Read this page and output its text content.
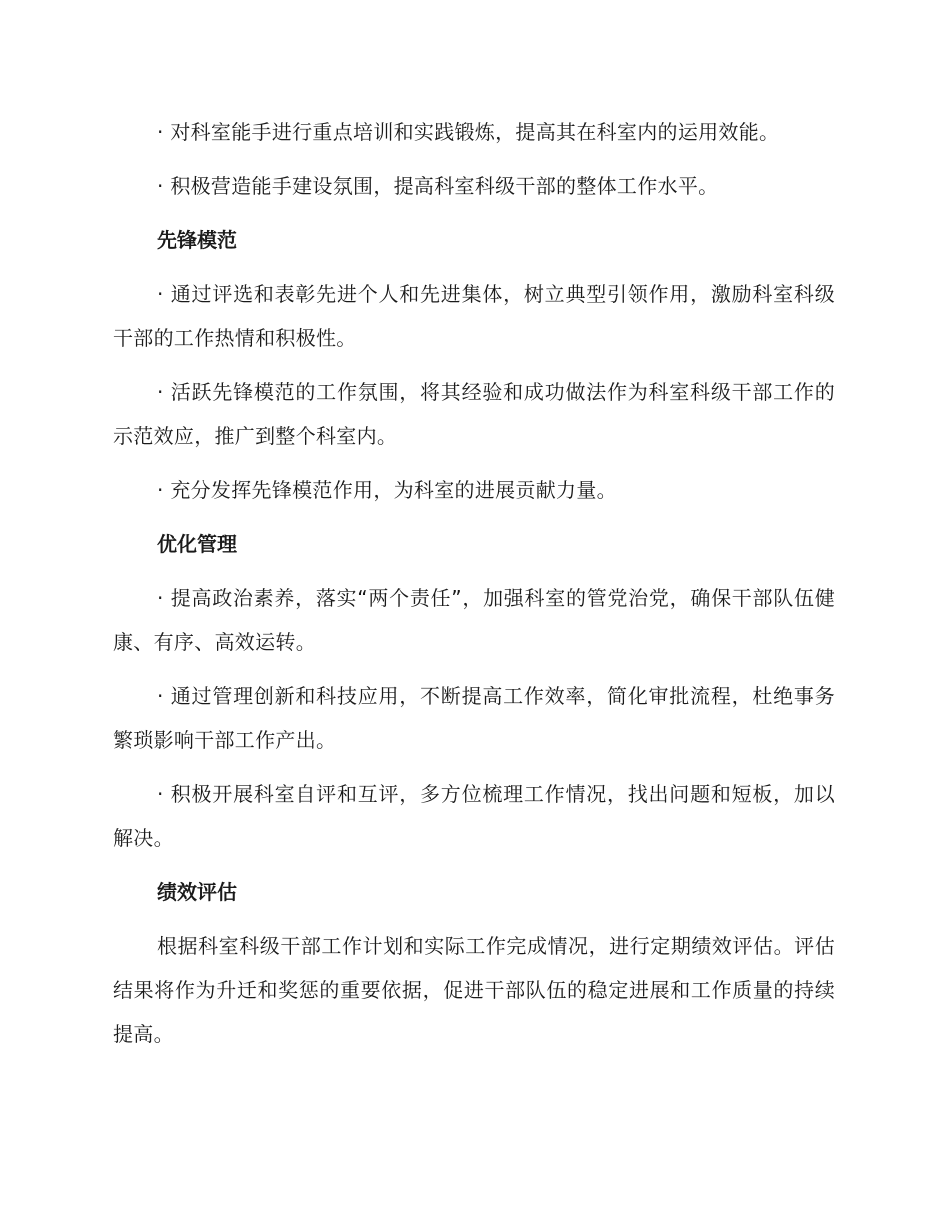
· 对科室能手进行重点培训和实践锻炼，提高其在科室内的运用效能。

· 积极营造能手建设氛围，提高科室科级干部的整体工作水平。

先锋模范

· 通过评选和表彰先进个人和先进集体，树立典型引领作用，激励科室科级干部的工作热情和积极性。

· 活跃先锋模范的工作氛围，将其经验和成功做法作为科室科级干部工作的示范效应，推广到整个科室内。

· 充分发挥先锋模范作用，为科室的进展贡献力量。

优化管理

· 提高政治素养，落实“两个责任”，加强科室的管党治党，确保干部队伍健康、有序、高效运转。

· 通过管理创新和科技应用，不断提高工作效率，简化审批流程，杜绝事务繁琐影响干部工作产出。

· 积极开展科室自评和互评，多方位梳理工作情况，找出问题和短板，加以解决。

绩效评估

根据科室科级干部工作计划和实际工作完成情况，进行定期绩效评估。评估结果将作为升迁和奖惩的重要依据，促进干部队伍的稳定进展和工作质量的持续提高。
